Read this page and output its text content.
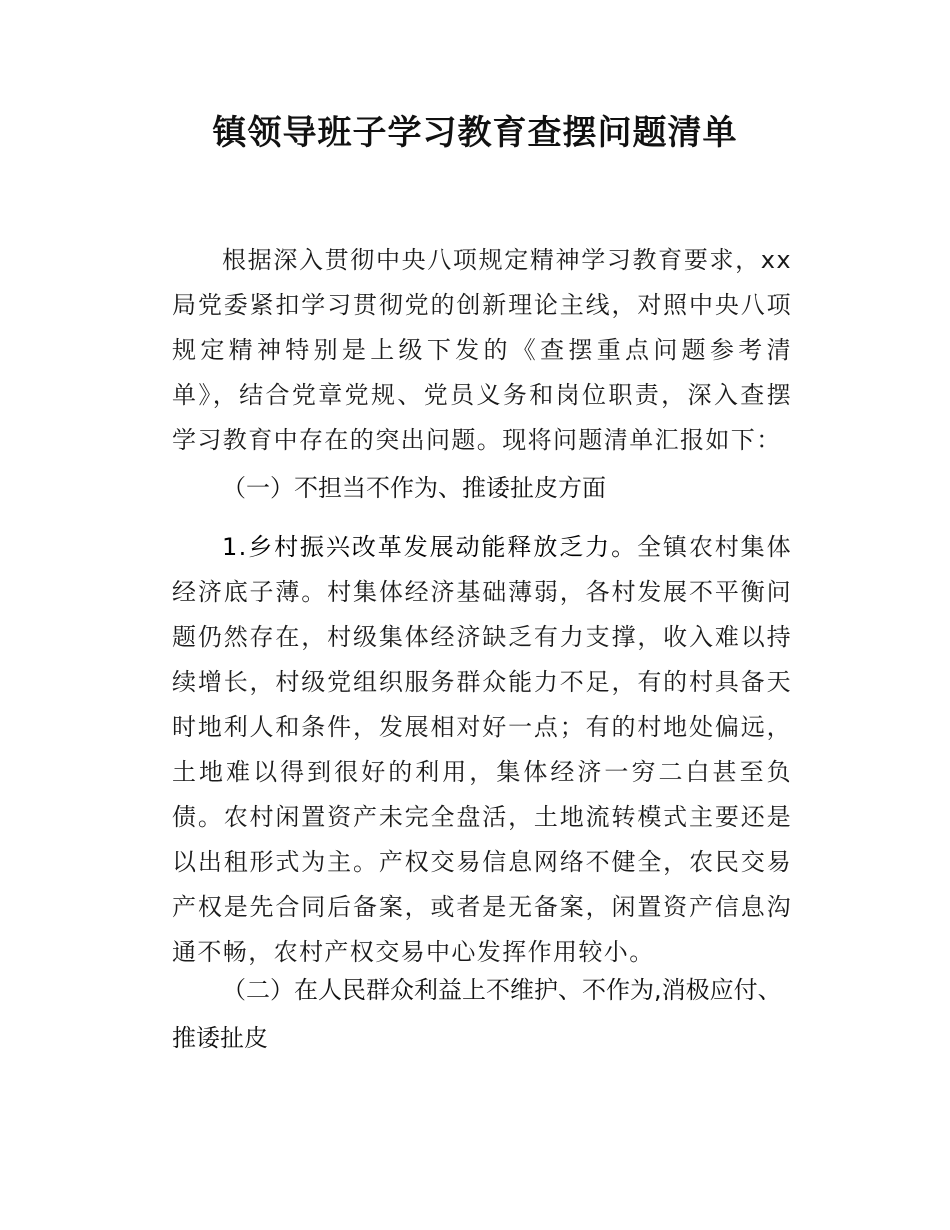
镇领导班子学习教育查摆问题清单
根据深入贯彻中央八项规定精神学习教育要求，xx局党委紧扣学习贯彻党的创新理论主线，对照中央八项规定精神特别是上级下发的《查摆重点问题参考清单》，结合党章党规、党员义务和岗位职责，深入查摆学习教育中存在的突出问题。现将问题清单汇报如下：
（一）不担当不作为、推诿扯皮方面
1.乡村振兴改革发展动能释放乏力。全镇农村集体经济底子薄。村集体经济基础薄弱，各村发展不平衡问题仍然存在，村级集体经济缺乏有力支撑，收入难以持续增长，村级党组织服务群众能力不足，有的村具备天时地利人和条件，发展相对好一点；有的村地处偏远，土地难以得到很好的利用，集体经济一穷二白甚至负债。农村闲置资产未完全盘活，土地流转模式主要还是以出租形式为主。产权交易信息网络不健全，农民交易产权是先合同后备案，或者是无备案，闲置资产信息沟通不畅，农村产权交易中心发挥作用较小。
（二）在人民群众利益上不维护、不作为,消极应付、推诿扯皮
